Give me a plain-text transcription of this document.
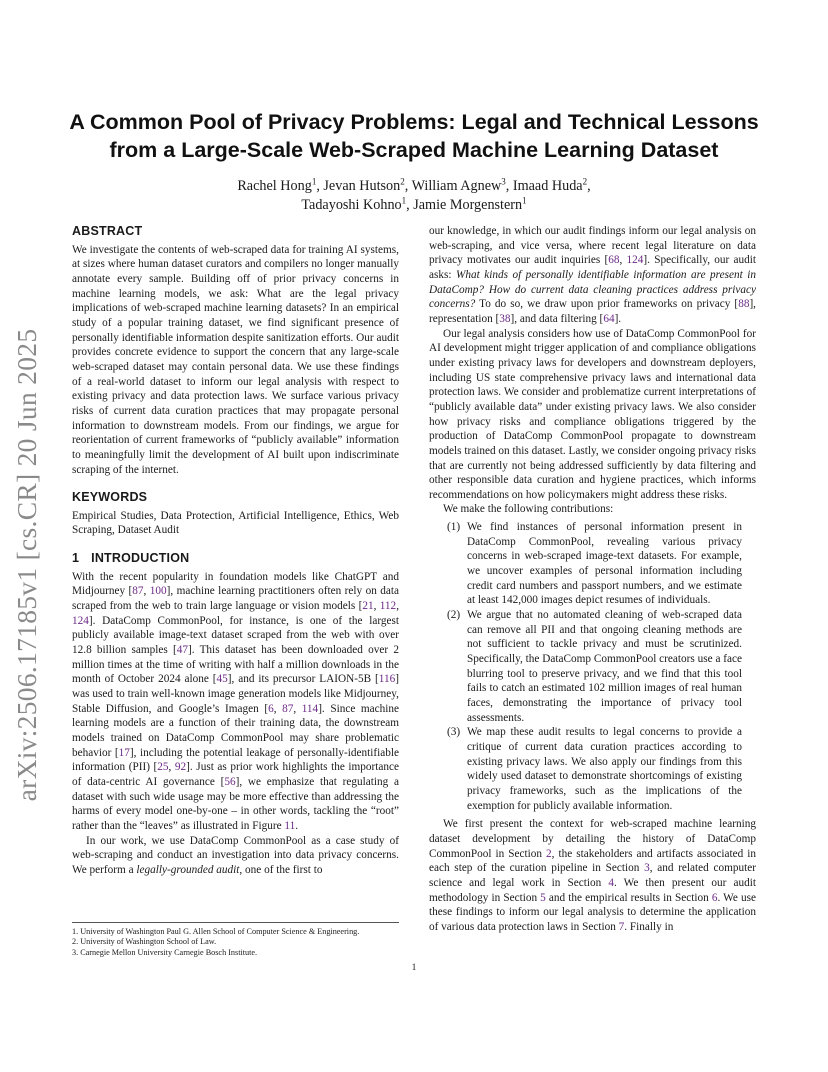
arXiv:2506.17185v1 [cs.CR] 20 Jun 2025
A Common Pool of Privacy Problems: Legal and Technical Lessons
from a Large-Scale Web-Scraped Machine Learning Dataset
Rachel Hong$^1$, Jevan Hutson$^2$, William Agnew$^3$, Imaad Huda$^2$,
Tadayoshi Kohno$^1$, Jamie Morgenstern$^1$
ABSTRACT

We investigate the contents of web-scraped data for training AI systems, at sizes where human dataset curators and compilers no longer manually annotate every sample. Building off of prior privacy concerns in machine learning models, we ask: What are the legal privacy implications of web-scraped machine learning datasets? In an empirical study of a popular training dataset, we find significant presence of personally identifiable information despite sanitization efforts. Our audit provides concrete evidence to support the concern that any large-scale web-scraped dataset may contain personal data. We use these findings of a real-world dataset to inform our legal analysis with respect to existing privacy and data protection laws. We surface various privacy risks of current data curation practices that may propagate personal information to downstream models. From our findings, we argue for reorientation of current frameworks of “publicly available” information to meaningfully limit the development of AI built upon indiscriminate scraping of the internet.

KEYWORDS

Empirical Studies, Data Protection, Artificial Intelligence, Ethics, Web Scraping, Dataset Audit

1 INTRODUCTION

With the recent popularity in foundation models like ChatGPT and Midjourney [87, 100], machine learning practitioners often rely on data scraped from the web to train large language or vision models [21, 112, 124]. DataComp CommonPool, for instance, is one of the largest publicly available image-text dataset scraped from the web with over 12.8 billion samples [47]. This dataset has been downloaded over 2 million times at the time of writing with half a million downloads in the month of October 2024 alone [45], and its precursor LAION-5B [116] was used to train well-known image generation models like Midjourney, Stable Diffusion, and Google’s Imagen [6, 87, 114]. Since machine learning models are a function of their training data, the downstream models trained on DataComp CommonPool may share problematic behavior [17], including the potential leakage of personally-identifiable information (PII) [25, 92]. Just as prior work highlights the importance of data-centric AI governance [56], we emphasize that regulating a dataset with such wide usage may be more effective than addressing the harms of every model one-by-one – in other words, tackling the “root” rather than the “leaves” as illustrated in Figure 11.

In our work, we use DataComp CommonPool as a case study of web-scraping and conduct an investigation into data privacy concerns. We perform a legally-grounded audit, one of the first to

our knowledge, in which our audit findings inform our legal analysis on web-scraping, and vice versa, where recent legal literature on data privacy motivates our audit inquiries [68, 124]. Specifically, our audit asks: What kinds of personally identifiable information are present in DataComp? How do current data cleaning practices address privacy concerns? To do so, we draw upon prior frameworks on privacy [88], representation [38], and data filtering [64].

Our legal analysis considers how use of DataComp CommonPool for AI development might trigger application of and compliance obligations under existing privacy laws for developers and downstream deployers, including US state comprehensive privacy laws and international data protection laws. We consider and problematize current interpretations of “publicly available data” under existing privacy laws. We also consider how privacy risks and compliance obligations triggered by the production of DataComp CommonPool propagate to downstream models trained on this dataset. Lastly, we consider ongoing privacy risks that are currently not being addressed sufficiently by data filtering and other responsible data curation and hygiene practices, which informs recommendations on how policymakers might address these risks.

We make the following contributions:

(1) We find instances of personal information present in DataComp CommonPool, revealing various privacy concerns in web-scraped image-text datasets. For example, we uncover examples of personal information including credit card numbers and passport numbers, and we estimate at least 142,000 images depict resumes of individuals.
(2) We argue that no automated cleaning of web-scraped data can remove all PII and that ongoing cleaning methods are not sufficient to tackle privacy and must be scrutinized. Specifically, the DataComp CommonPool creators use a face blurring tool to preserve privacy, and we find that this tool fails to catch an estimated 102 million images of real human faces, demonstrating the importance of privacy tool assessments.
(3) We map these audit results to legal concerns to provide a critique of current data curation practices according to existing privacy laws. We also apply our findings from this widely used dataset to demonstrate shortcomings of existing privacy frameworks, such as the implications of the exemption for publicly available information.

We first present the context for web-scraped machine learning dataset development by detailing the history of DataComp CommonPool in Section 2, the stakeholders and artifacts associated in each step of the curation pipeline in Section 3, and related computer science and legal work in Section 4. We then present our audit methodology in Section 5 and the empirical results in Section 6. We use these findings to inform our legal analysis to determine the application of various data protection laws in Section 7. Finally in

1. University of Washington Paul G. Allen School of Computer Science & Engineering.
2. University of Washington School of Law.
3. Carnegie Mellon University Carnegie Bosch Institute.
1
